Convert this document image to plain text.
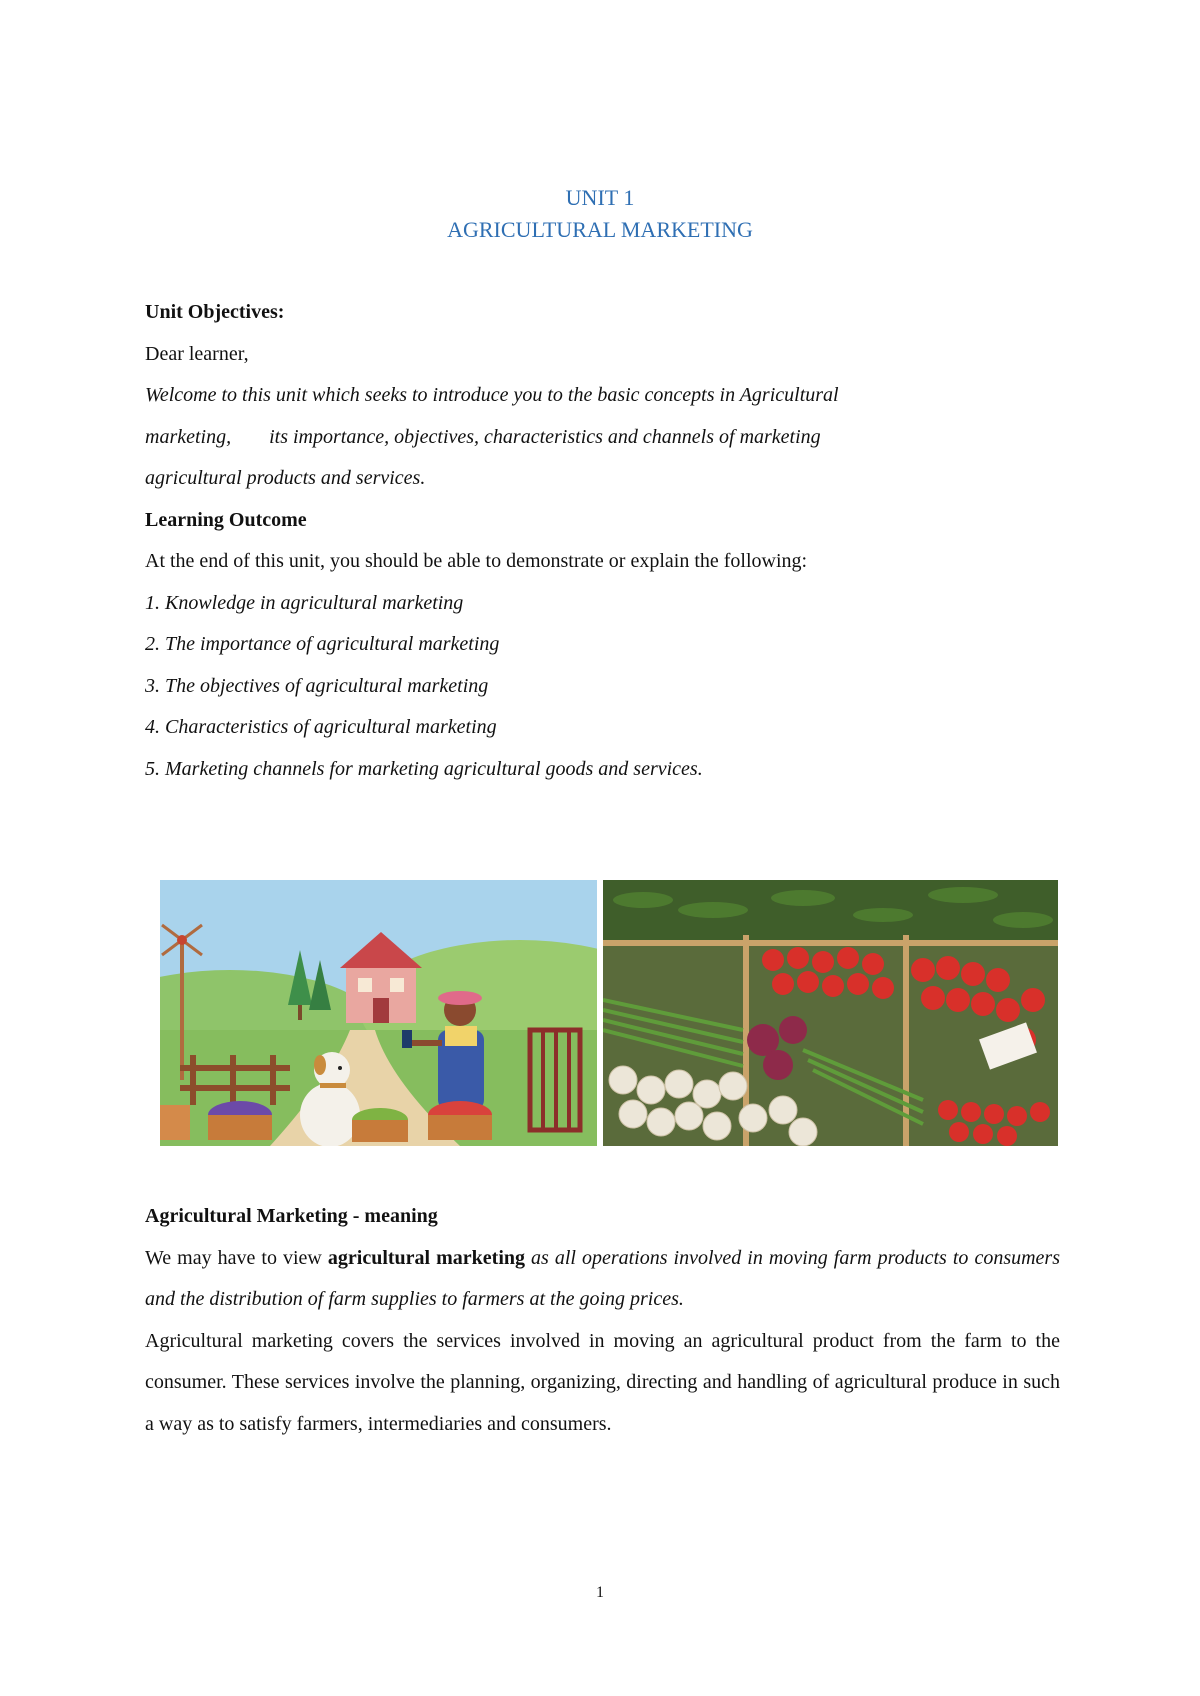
UNIT 1
AGRICULTURAL MARKETING
Unit Objectives:
Dear learner,
Welcome to this unit which seeks to introduce you to the basic concepts in Agricultural
marketing, its importance, objectives, characteristics and channels of marketing
agricultural products and services.
Learning Outcome
At the end of this unit, you should be able to demonstrate or explain the following:
1. Knowledge in agricultural marketing
2. The importance of agricultural marketing
3. The objectives of agricultural marketing
4. Characteristics of agricultural marketing
5. Marketing channels for marketing agricultural goods and services.
Agricultural Marketing - meaning
We may have to view agricultural marketing as all operations involved in moving farm products to consumers and the distribution of farm supplies to farmers at the going prices.
Agricultural marketing covers the services involved in moving an agricultural product from the farm to the consumer. These services involve the planning, organizing, directing and handling of agricultural produce in such a way as to satisfy farmers, intermediaries and consumers.
1
